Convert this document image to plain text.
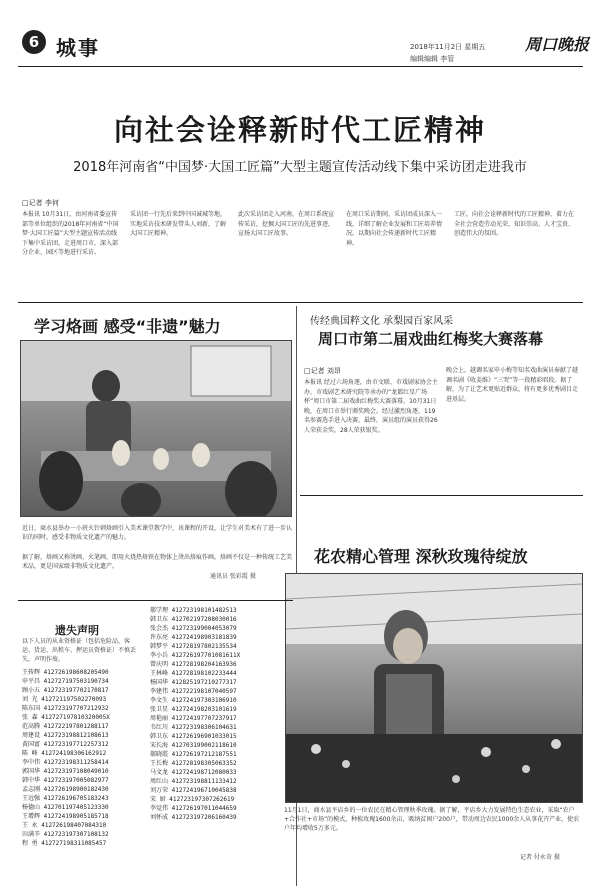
6 城事	2018年11月2日 星期五
编辑编辑 李管
周口晚报
向社会诠释新时代工匠精神
2018年河南省“中国梦·大国工匠篇”大型主题宣传活动线下集中采访团走进我市
□记者 李何
本报讯 10月31日，由河南省委宣传部等单位组织的2018年河南省“中国梦·大国工匠篇”大型主题宣传活动线下集中采访团，走进周口市，深入部分企业、园区等地进行采访。
采访团一行先后来到中国诚城等地，实地采访技术研发带头人刘新，了解大国工匠精神。
此次采访团走入河南，在周口系统宣传采访，挖掘大国工匠的先进事迹，宣扬大国工匠故事。
在周口采访期间，采访团成员深入一线，详细了解企业发展和工匠培养情况，以期向社会传递新时代工匠精神。
工匠，向社会诠释新时代的工匠精神，着力在全社会营造劳动光荣、知识崇高、人才宝贵、创造伟大的氛围。
学习烙画 感受“非遗”魅力
近日，商水县举办一小班火针刺烙画引入美术课堂教学中，该课程的开设，让学生对美术有了进一步认识的同时，感受非物质文化遗产的魅力。
据了解，烙画又称烫画、火笔画，即用火烧热烙铁在物体上烫出烙痕作画。烙画不仅是一种传统工艺美术品，更是国家级非物质文化遗产。
通讯员 张彩霞 摄
传经典国粹文化 承梨园百家风采
周口市第二届戏曲红梅奖大赛落幕
□记者 刘昂
本报讯 经过六场角逐，由市文联、市戏剧家协会主办，市戏剧艺术研究院等承办的“龙都红星广场杯”周口市第二届戏曲红梅奖大赛落幕，10月31日晚，在周口市举行颁奖晚会。经过激烈角逐，119名参赛选手进入决赛，最终，演员组的演员获得26人荣获金奖，28人荣获银奖。
晚会上，越调名家申小梅等知名戏曲演员奉献了越调名剧《收姜维》“三哭”等一段精彩唱段。据了解，为了让艺术更贴近群众，将有更多优秀剧目走进基层。
花农精心管理 深秋玫瑰待绽放
11月1日，商水县平店乡的一位农民在精心管理秋季玫瑰。据了解，平店乡大力发展特色生态农业，采取“农户+合作社+市场”的模式，种植玫瑰1600余亩，吸纳贫困户200户，带动周边农民1000余人从事花卉产业，使农户年均增收5万多元。
记者 付永奇 摄
遗失声明
以下人员的从业资格证（包括危险品、客运、货运、出租车、押运员资格证）不慎丢失，声明作废。
王传辉 412726198608205490
申平昌 412727197503190734
顾小五 412723197702170817
刘 光 412721197502270093
陈东国 412723197707212932
张 森 412727197810320005X
范高腾 412722197801288117
周建设 412723198812108613
黄国富 412723197712257312
陈 峰 412724198306162912
李中伟 412723198311258414
郭国华 412723197108049010
韩中华 412723197005082977
孟志刚 412726198900182430
王远强 412726196705183243
杨德山 412701197405123330
王增辉 412724198905185718
王 永 412726198407084310
田满辛 412723197307108132
程 勇 412727198311085457
郝学理 412723198101482513
韩卫东 412702197208030016
张会杰 412723199004053079
许东亮 412724198903181839
韩梦平 412728197802135534
李小兵 412726197701081611X
曾庆明 412728198204163936
王林峰 412728198102233444
杨国华 412825197210277317
李建伟 412722198107040597
李文生 412724197303106910
张卫星 412724198203101619
周艳丽 412724197707237917
韦红川 412723198306104631
韩卫东 412726196901033015
宋长海 412703199002118610
郝晓霞 412726197212187551
王长梅 412728198305063352
马文龙 412724198712080033
周红山 412723198811133412
刘万荣 412724196710045838
宋 厨 412723197307262619
李觉伟 412726197011044659
刘怀成 412723197206160439
